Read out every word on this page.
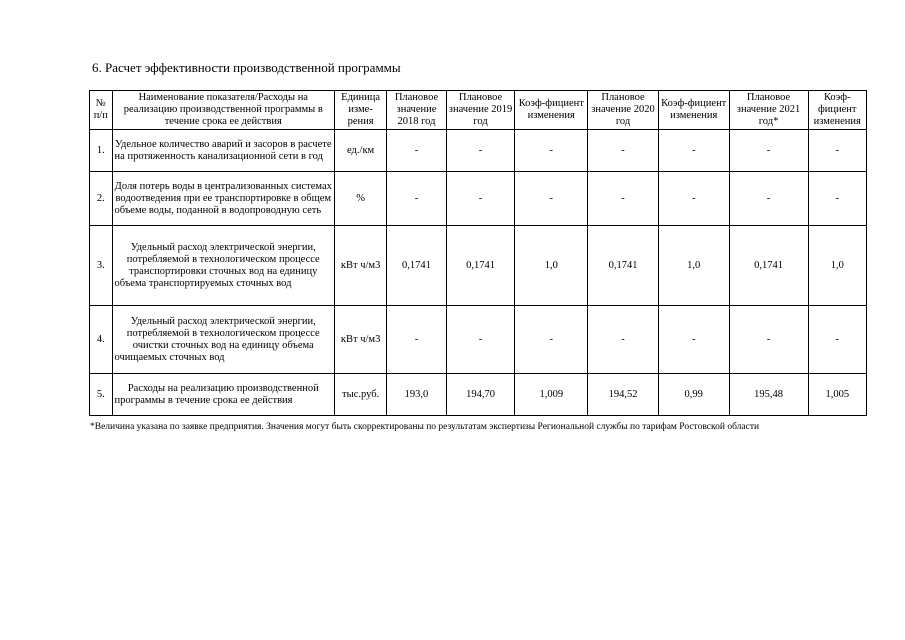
6. Расчет эффективности производственной программы
№ п/п	Наименование показателя/Расходы на реализацию производственной программы в течение срока ее действия	Единица изме-рения	Плановое значение 2018 год	Плановое значение 2019 год	Коэф-фициент изменения	Плановое значение 2020 год	Коэф-фициент изменения	Плановое значение 2021 год*	Коэф-фициент изменения
1.	Удельное количество аварий и засоров в расчете на протяженность канализационной сети в год	ед./км	-	-	-	-	-	-	-
2.	Доля потерь воды в централизованных системах водоотведения при ее транспортировке в общем объеме воды, поданной в водопроводную сеть	%	-	-	-	-	-	-	-
3.	Удельный расход электрической энергии, потребляемой в технологическом процессе транспортировки сточных вод на единицу объема транспортируемых сточных вод	кВт ч/м3	0,1741	0,1741	1,0	0,1741	1,0	0,1741	1,0
4.	Удельный расход электрической энергии, потребляемой в технологическом процессе очистки сточных вод на единицу объема очищаемых сточных вод	кВт ч/м3	-	-	-	-	-	-	-
5.	Расходы на реализацию производственной программы в течение срока ее действия	тыс.руб.	193,0	194,70	1,009	194,52	0,99	195,48	1,005
*Величина указана по заявке предприятия. Значения могут быть скорректированы по результатам экспертизы Региональной службы по тарифам Ростовской области
